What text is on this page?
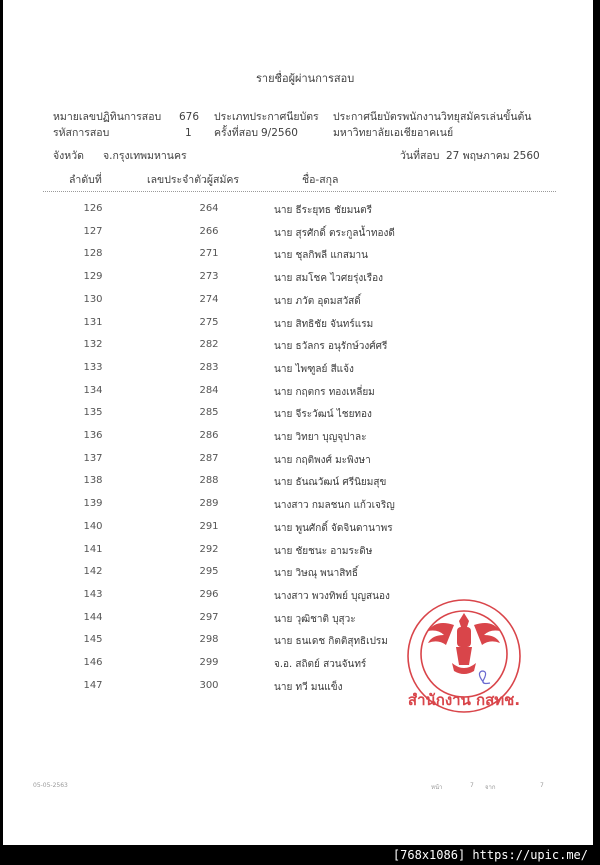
รายชื่อผู้ผ่านการสอบ
หมายเลขปฏิทินการสอบ 676 ประเภทประกาศนียบัตร ประกาศนียบัตรพนักงานวิทยุสมัครเล่นขั้นต้น
รหัสการสอบ	1 ครั้งที่สอบ 9/2560	มหาวิทยาลัยเอเชียอาคเนย์
จังหวัด จ.กรุงเทพมหานคร	วันที่สอบ 27 พฤษภาคม 2560
ลำดับที่	เลขประจำตัวผู้สมัคร	ชื่อ-สกุล
126	264	นาย ธีระยุทธ ชัยมนตรี
127	266	นาย สุรศักดิ์ ตระกูลน้ำทองดี
128	271	นาย ชุลกิพลี แกสมาน
129	273	นาย สมโชค ไวศยรุ่งเรือง
130	274	นาย ภวัต อุดมสวัสดิ์
131	275	นาย สิทธิชัย จันทร์แรม
132	282	นาย ธวัลกร อนุรักษ์วงศ์ศรี
133	283	นาย ไพฑูลย์ สีแจ้ง
134	284	นาย กฤตกร ทองเหลี่ยม
135	285	นาย จีระวัฒน์ ไชยทอง
136	286	นาย วิทยา บุญจุปาละ
137	287	นาย กฤติพงศ์ มะพิงษา
138	288	นาย ธันณวัฒน์ ศรีนิยมสุข
139	289	นางสาว กมลชนก แก้วเจริญ
140	291	นาย พูนศักดิ์ จัดจินดานาพร
141	292	นาย ชัยชนะ อามระดิษ
142	295	นาย วิษณุ พนาสิทธิ์
143	296	นางสาว พวงทิพย์ บุญสนอง
144	297	นาย วุฒิชาติ บุสุวะ
145	298	นาย ธนเดช กิตติสุทธิเปรม
146	299	จ.อ. สถิตย์ สวนจันทร์
147	300	นาย ทวี มนแข็ง
สำนักงาน กสทช.
05-05-2563	หน้า	7 จาก	7
[768x1086] https://upic.me/
